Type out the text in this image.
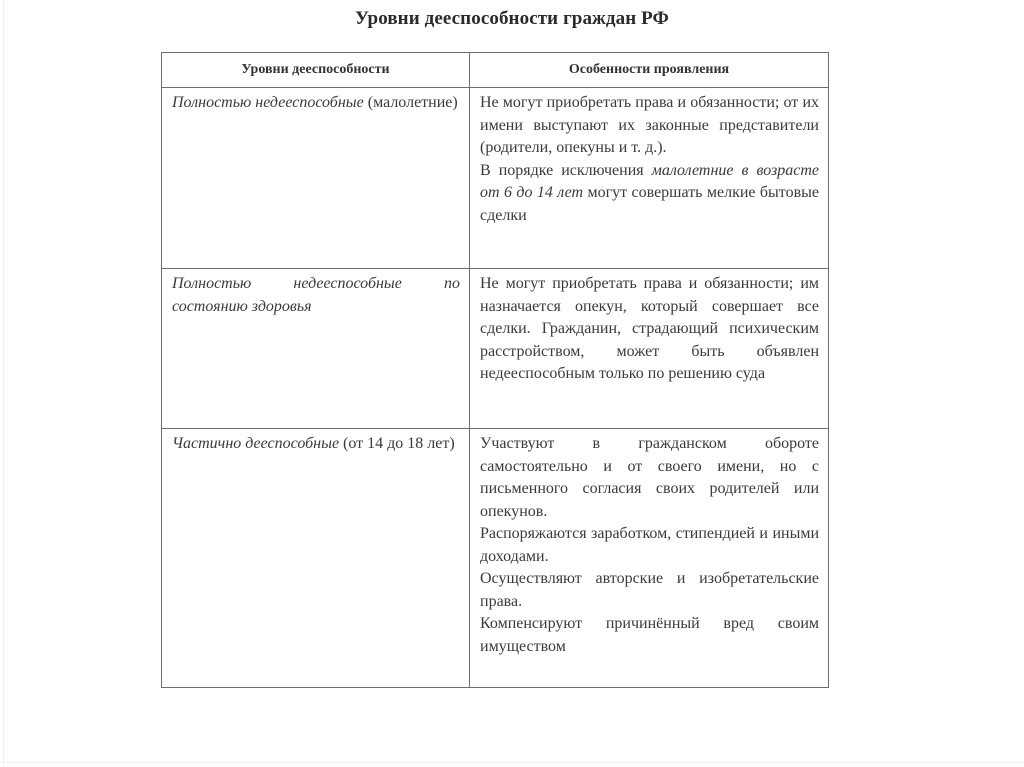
Уровни дееспособности граждан РФ
Уровни дееспособности	Особенности проявления
Полностью недееспособные (малолетние)	Не могут приобретать права и обязанности; от их имени выступают их законные представители (родители, опекуны и т. д.).
В порядке исключения малолетние в возрасте от 6 до 14 лет могут совершать мелкие бытовые сделки

Полностью недееспособные по состоянию здоровья	Не могут приобретать права и обязанности; им назначается опекун, который совершает все сделки. Гражданин, страдающий психическим расстройством, может быть объявлен недееспособным только по решению суда

Частично дееспособные (от 14 до 18 лет)	Участвуют в гражданском обороте самостоятельно и от своего имени, но с письменного согласия своих родителей или опекунов.
Распоряжаются заработком, стипендией и иными доходами.
Осуществляют авторские и изобретательские права.
Компенсируют причинённый вред своим имуществом
